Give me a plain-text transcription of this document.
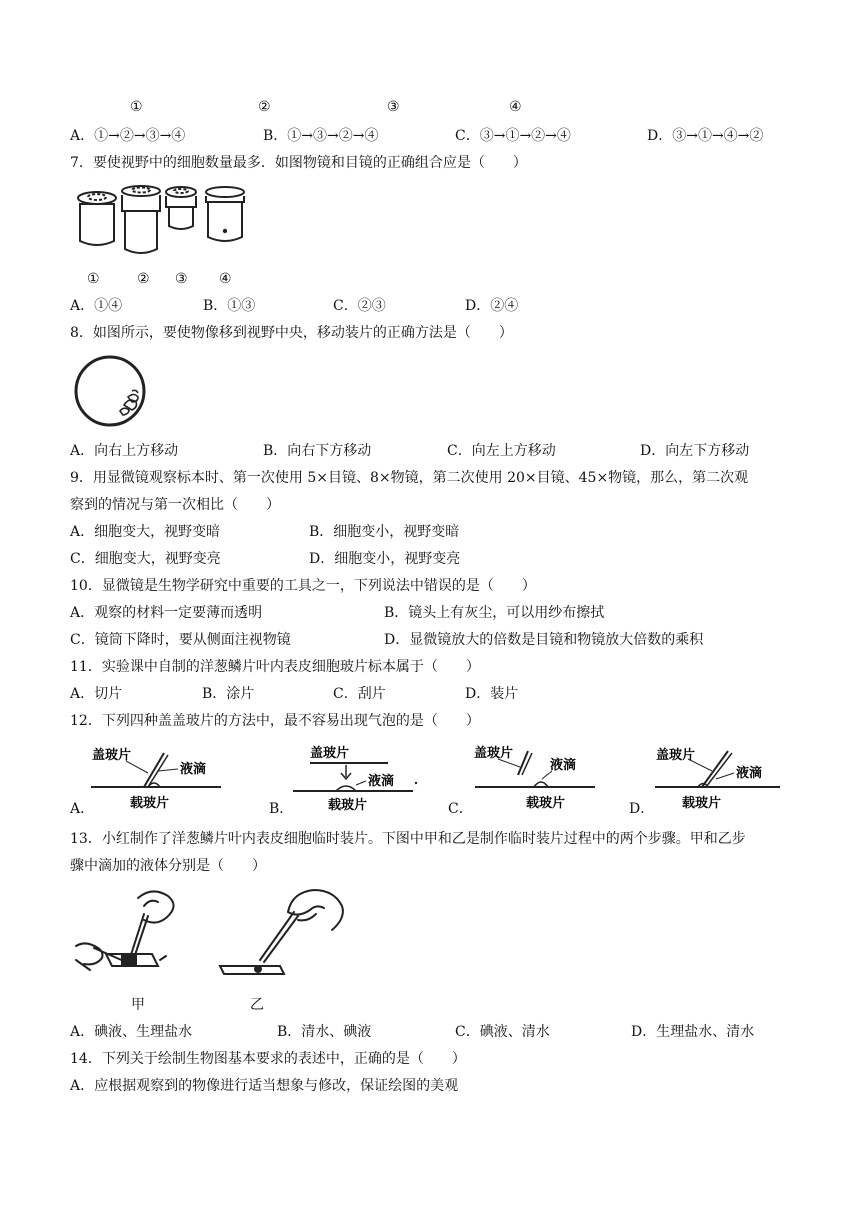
①	②	③	④
A．①→②→③→④	B．①→③→②→④	C．③→①→②→④	D．③→①→④→②
7．要使视野中的细胞数量最多．如图物镜和目镜的正确组合应是（　　）
①	② ③ ④
A．①④	B．①③	C．②③	D．②④
8．如图所示，要使物像移到视野中央，移动装片的正确方法是（　　）
A．向右上方移动	B．向右下方移动	C．向左上方移动	D．向左下方移动
9．用显微镜观察标本时、第一次使用 5×目镜、8×物镜，第二次使用 20×目镜、45×物镜，那么，第二次观
察到的情况与第一次相比（　　）
A．细胞变大，视野变暗	B．细胞变小，视野变暗
C．细胞变大，视野变亮	D．细胞变小，视野变亮
10．显微镜是生物学研究中重要的工具之一，下列说法中错误的是（　　）
A．观察的材料一定要薄而透明	B．镜头上有灰尘，可以用纱布擦拭
C．镜筒下降时，要从侧面注视物镜	D．显微镜放大的倍数是目镜和物镜放大倍数的乘积
11．实验课中自制的洋葱鳞片叶内表皮细胞玻片标本属于（　　）
A．切片	B．涂片	C．刮片	D．装片
12．下列四种盖盖玻片的方法中，最不容易出现气泡的是（　　）
A．
盖玻片
液滴
载玻片	B．
盖玻片
液滴
载玻片	C．
盖玻片
液滴
载玻片	D．
盖玻片
液滴
载玻片
13．小红制作了洋葱鳞片叶内表皮细胞临时装片。下图中甲和乙是制作临时装片过程中的两个步骤。甲和乙步
骤中滴加的液体分别是（　　）
甲	乙
A．碘液、生理盐水	B．清水、碘液	C．碘液、清水	D．生理盐水、清水
14．下列关于绘制生物图基本要求的表述中，正确的是（　　）
A．应根据观察到的物像进行适当想象与修改，保证绘图的美观
